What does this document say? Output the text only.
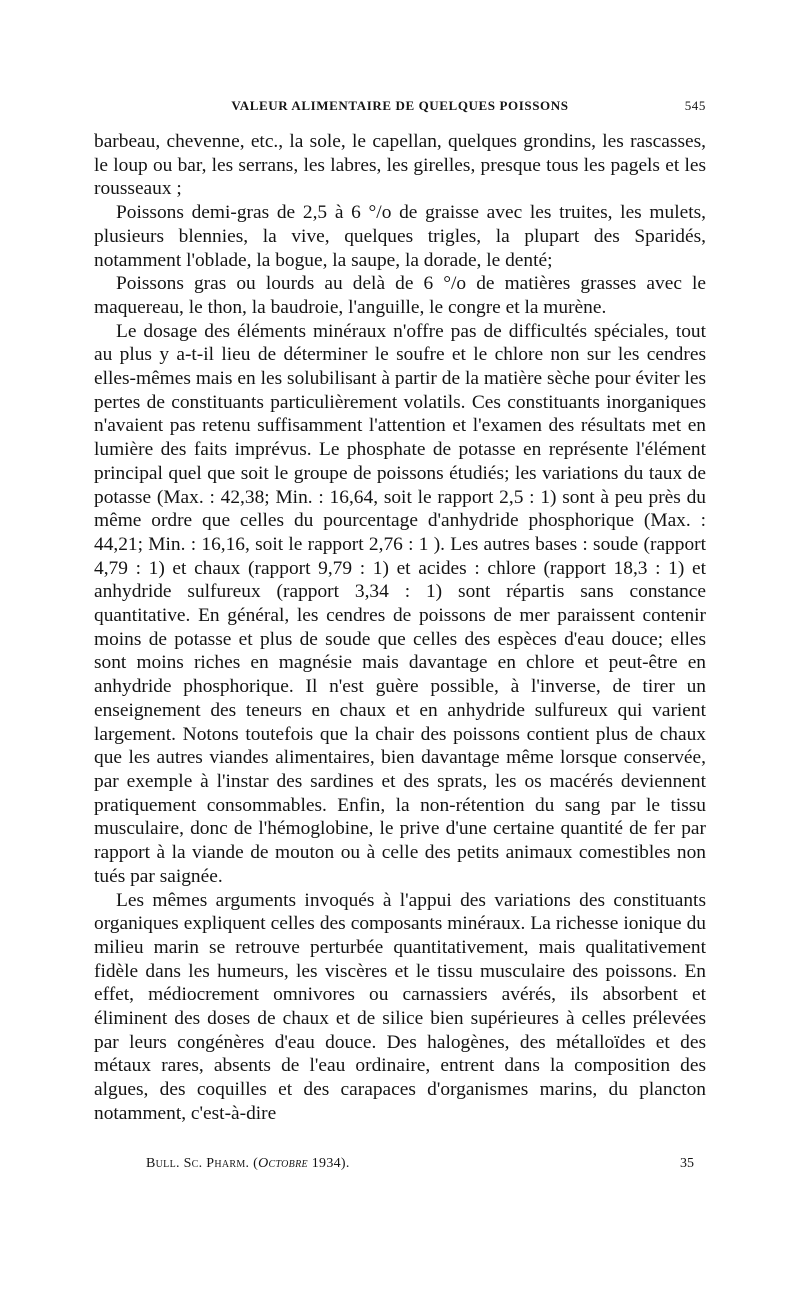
VALEUR ALIMENTAIRE DE QUELQUES POISSONS	545

barbeau, chevenne, etc., la sole, le capellan, quelques grondins, les rascasses, le loup ou bar, les serrans, les labres, les girelles, presque tous les pagels et les rousseaux ;

Poissons demi-gras de 2,5 à 6 °/o de graisse avec les truites, les mulets, plusieurs blennies, la vive, quelques trigles, la plupart des Sparidés, notamment l'oblade, la bogue, la saupe, la dorade, le denté;

Poissons gras ou lourds au delà de 6 °/o de matières grasses avec le maquereau, le thon, la baudroie, l'anguille, le congre et la murène.

Le dosage des éléments minéraux n'offre pas de difficultés spéciales, tout au plus y a-t-il lieu de déterminer le soufre et le chlore non sur les cendres elles-mêmes mais en les solubilisant à partir de la matière sèche pour éviter les pertes de constituants particulièrement volatils. Ces constituants inorganiques n'avaient pas retenu suffisamment l'attention et l'examen des résultats met en lumière des faits imprévus. Le phosphate de potasse en représente l'élément principal quel que soit le groupe de poissons étudiés; les variations du taux de potasse (Max. : 42,38; Min. : 16,64, soit le rapport 2,5 : 1) sont à peu près du même ordre que celles du pourcentage d'anhydride phosphorique (Max. : 44,21; Min. : 16,16, soit le rapport 2,76 : 1 ). Les autres bases : soude (rapport 4,79 : 1) et chaux (rapport 9,79 : 1) et acides : chlore (rapport 18,3 : 1) et anhydride sulfureux (rapport 3,34 : 1) sont répartis sans constance quantitative. En général, les cendres de poissons de mer paraissent contenir moins de potasse et plus de soude que celles des espèces d'eau douce; elles sont moins riches en magnésie mais davantage en chlore et peut-être en anhydride phosphorique. Il n'est guère possible, à l'inverse, de tirer un enseignement des teneurs en chaux et en anhydride sulfureux qui varient largement. Notons toutefois que la chair des poissons contient plus de chaux que les autres viandes alimentaires, bien davantage même lorsque conservée, par exemple à l'instar des sardines et des sprats, les os macérés deviennent pratiquement consommables. Enfin, la non-rétention du sang par le tissu musculaire, donc de l'hémoglobine, le prive d'une certaine quantité de fer par rapport à la viande de mouton ou à celle des petits animaux comestibles non tués par saignée.

Les mêmes arguments invoqués à l'appui des variations des constituants organiques expliquent celles des composants minéraux. La richesse ionique du milieu marin se retrouve perturbée quantitativement, mais qualitativement fidèle dans les humeurs, les viscères et le tissu musculaire des poissons. En effet, médiocrement omnivores ou carnassiers avérés, ils absorbent et éliminent des doses de chaux et de silice bien supérieures à celles prélevées par leurs congénères d'eau douce. Des halogènes, des métalloïdes et des métaux rares, absents de l'eau ordinaire, entrent dans la composition des algues, des coquilles et des carapaces d'organismes marins, du plancton notamment, c'est-à-dire

Bull. Sc. Pharm. (Octobre 1934).	35
